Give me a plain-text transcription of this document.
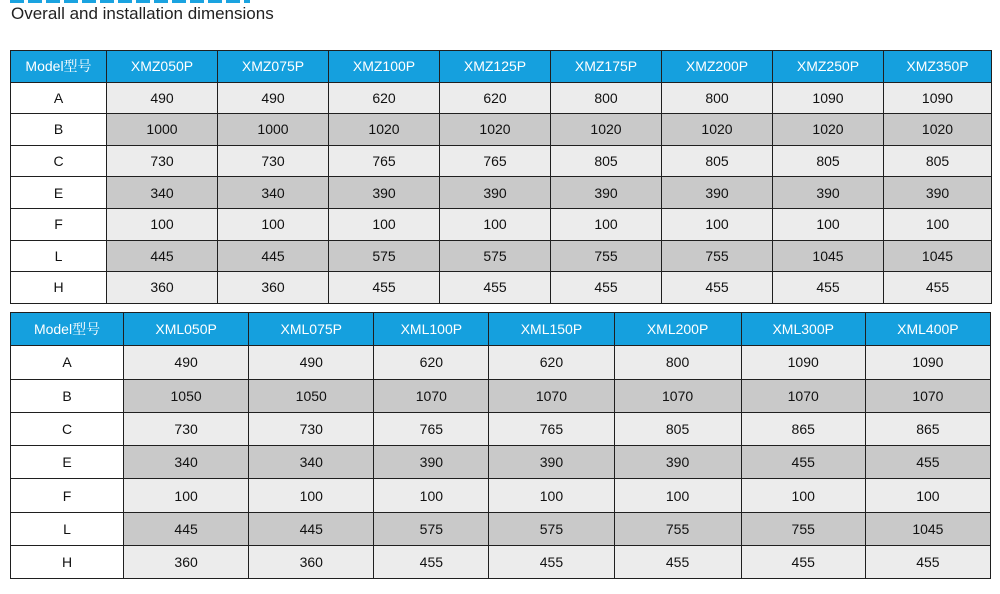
Overall and installation dimensions
Model型号	XMZ050P	XMZ075P	XMZ100P	XMZ125P	XMZ175P	XMZ200P	XMZ250P	XMZ350P
A	490	490	620	620	800	800	1090	1090
B	1000	1000	1020	1020	1020	1020	1020	1020
C	730	730	765	765	805	805	805	805
E	340	340	390	390	390	390	390	390
F	100	100	100	100	100	100	100	100
L	445	445	575	575	755	755	1045	1045
H	360	360	455	455	455	455	455	455
Model型号	XML050P	XML075P	XML100P	XML150P	XML200P	XML300P	XML400P
A	490	490	620	620	800	1090	1090
B	1050	1050	1070	1070	1070	1070	1070
C	730	730	765	765	805	865	865
E	340	340	390	390	390	455	455
F	100	100	100	100	100	100	100
L	445	445	575	575	755	755	1045
H	360	360	455	455	455	455	455
